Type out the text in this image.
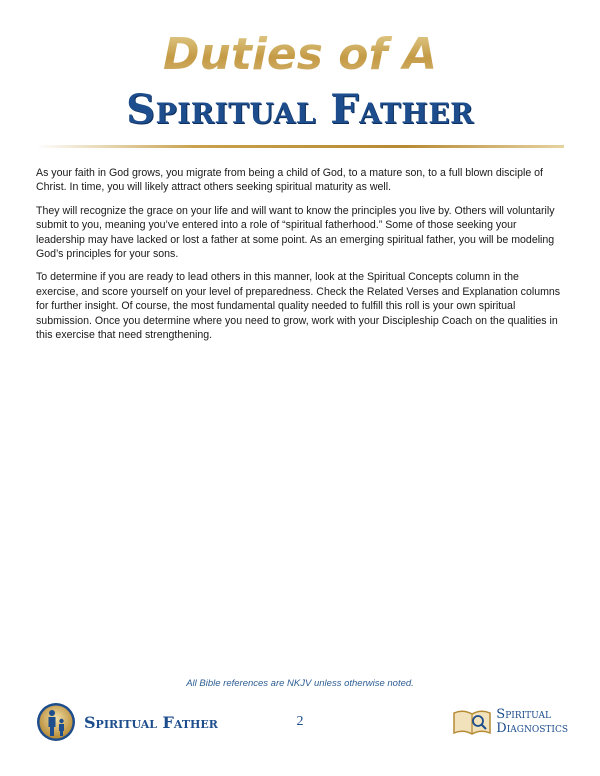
Duties of A
Spiritual Father

As your faith in God grows, you migrate from being a child of God, to a mature son, to a full blown disciple of Christ. In time, you will likely attract others seeking spiritual maturity as well.

They will recognize the grace on your life and will want to know the principles you live by. Others will voluntarily submit to you, meaning you’ve entered into a role of “spiritual fatherhood.” Some of those seeking your leadership may have lacked or lost a father at some point. As an emerging spiritual father, you will be modeling God’s principles for your sons.

To determine if you are ready to lead others in this manner, look at the Spiritual Concepts column in the exercise, and score yourself on your level of preparedness. Check the Related Verses and Explanation columns for further insight. Of course, the most fundamental quality needed to fulfill this roll is your own spiritual submission. Once you determine where you need to grow, work with your Discipleship Coach on the qualities in this exercise that need strengthening.

All Bible references are NKJV unless otherwise noted.
Spiritual Father	2	Spiritual
Diagnostics
